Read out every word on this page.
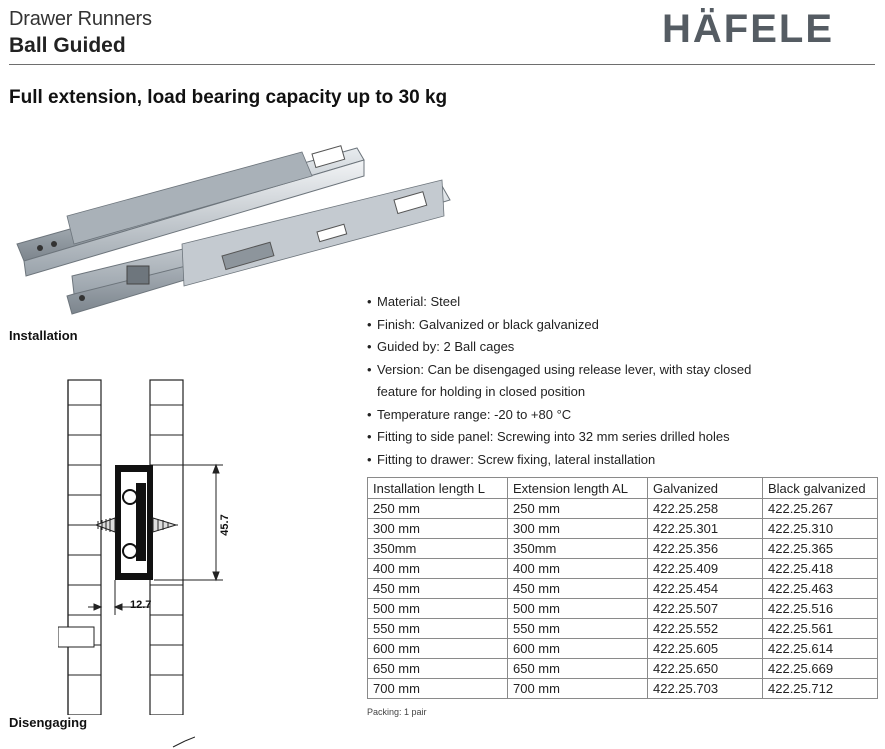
Drawer Runners
Ball Guided	HÄFELE
Full extension, load bearing capacity up to 30 kg
Installation
45.7
12.7
Disengaging
• Material: Steel
• Finish: Galvanized or black galvanized
• Guided by: 2 Ball cages
• Version: Can be disengaged using release lever, with stay closed
feature for holding in closed position
• Temperature range: -20 to +80 °C
• Fitting to side panel: Screwing into 32 mm series drilled holes
• Fitting to drawer: Screw fixing, lateral installation
Installation length L	Extension length AL	Galvanized	Black galvanized
250 mm	250 mm	422.25.258	422.25.267
300 mm	300 mm	422.25.301	422.25.310
350mm	350mm	422.25.356	422.25.365
400 mm	400 mm	422.25.409	422.25.418
450 mm	450 mm	422.25.454	422.25.463
500 mm	500 mm	422.25.507	422.25.516
550 mm	550 mm	422.25.552	422.25.561
600 mm	600 mm	422.25.605	422.25.614
650 mm	650 mm	422.25.650	422.25.669
700 mm	700 mm	422.25.703	422.25.712
Packing: 1 pair
